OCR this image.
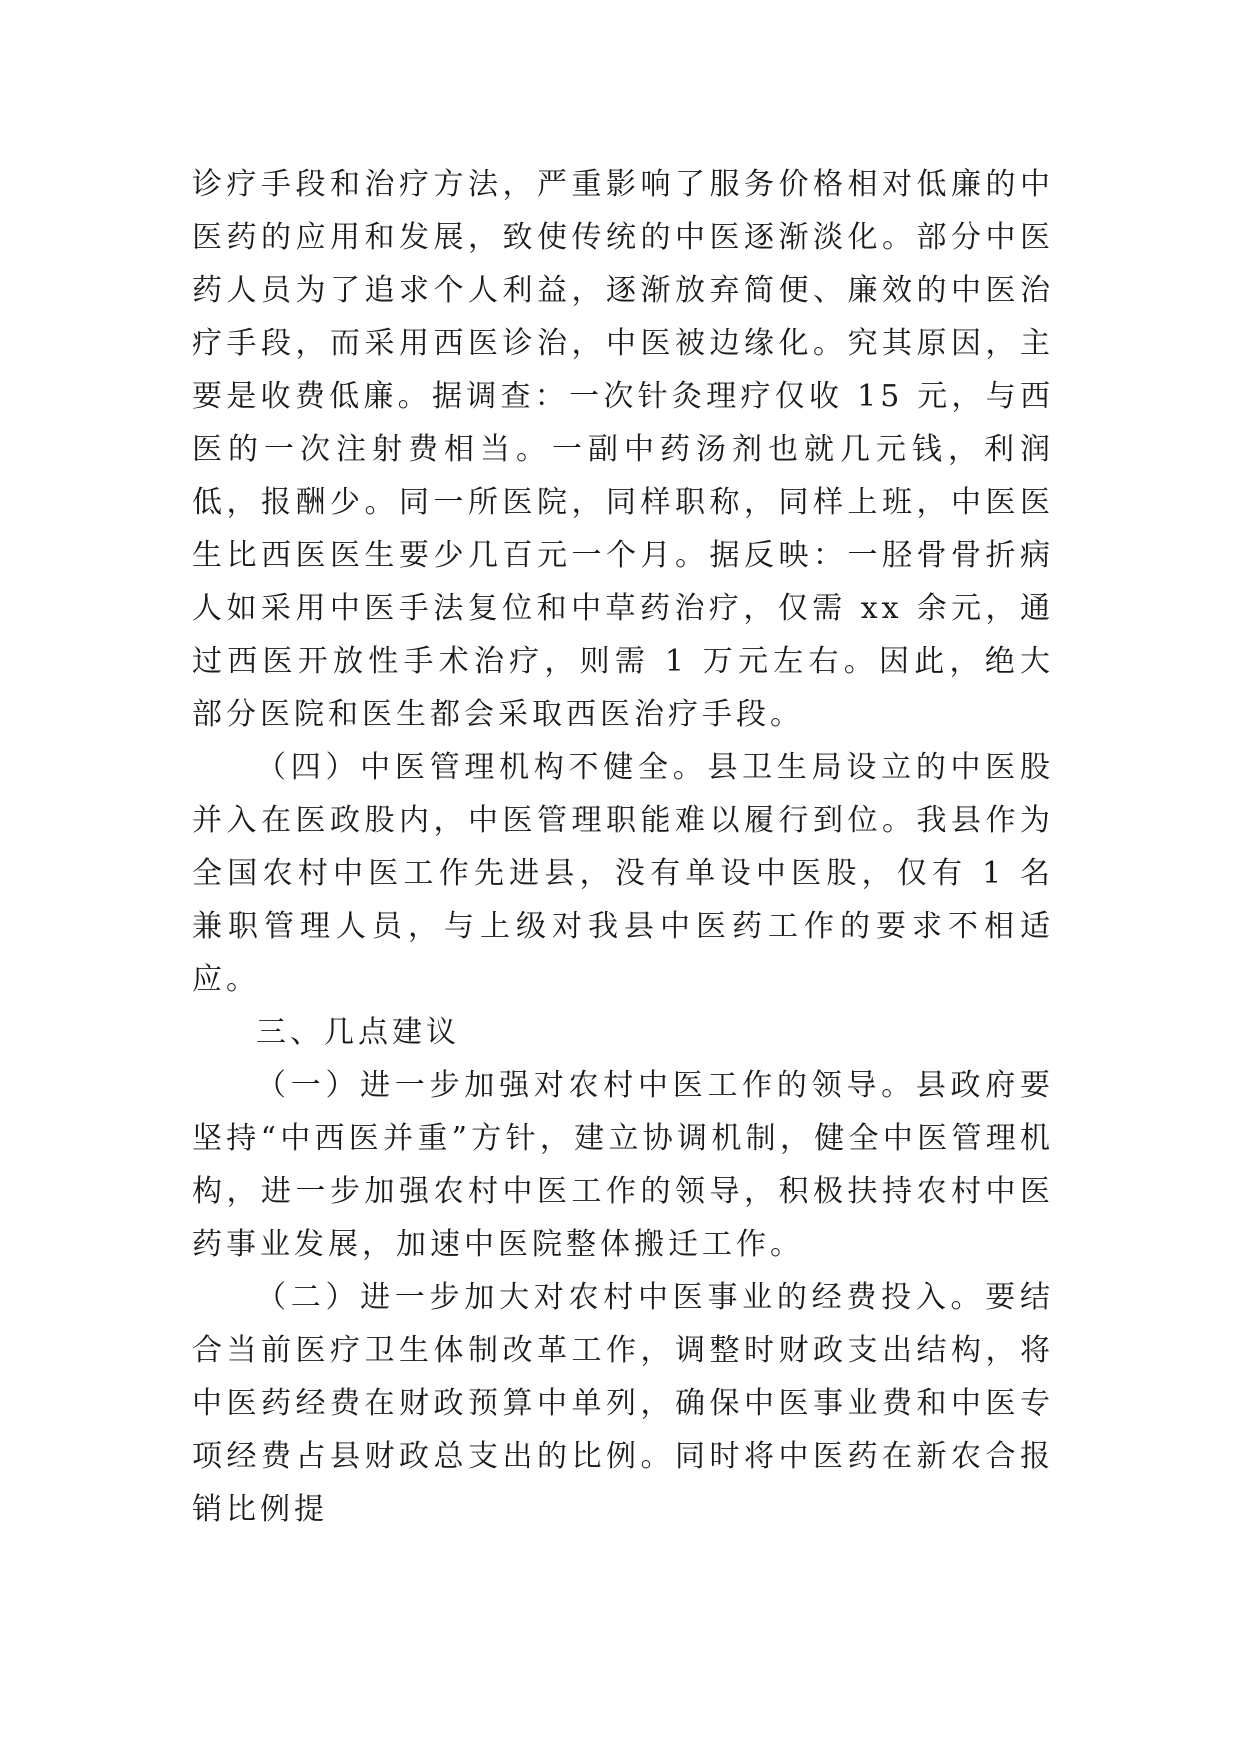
诊疗手段和治疗方法，严重影响了服务价格相对低廉的中医药的应用和发展，致使传统的中医逐渐淡化。部分中医药人员为了追求个人利益，逐渐放弃简便、廉效的中医治疗手段，而采用西医诊治，中医被边缘化。究其原因，主要是收费低廉。据调查：一次针灸理疗仅收 15 元，与西医的一次注射费相当。一副中药汤剂也就几元钱，利润低，报酬少。同一所医院，同样职称，同样上班，中医医生比西医医生要少几百元一个月。据反映：一胫骨骨折病人如采用中医手法复位和中草药治疗，仅需 xx 余元，通过西医开放性手术治疗，则需 1 万元左右。因此，绝大部分医院和医生都会采取西医治疗手段。

（四）中医管理机构不健全。县卫生局设立的中医股并入在医政股内，中医管理职能难以履行到位。我县作为全国农村中医工作先进县，没有单设中医股，仅有 1 名兼职管理人员，与上级对我县中医药工作的要求不相适应。

三、几点建议

（一）进一步加强对农村中医工作的领导。县政府要坚持“中西医并重”方针，建立协调机制，健全中医管理机构，进一步加强农村中医工作的领导，积极扶持农村中医药事业发展，加速中医院整体搬迁工作。

（二）进一步加大对农村中医事业的经费投入。要结合当前医疗卫生体制改革工作，调整时财政支出结构，将中医药经费在财政预算中单列，确保中医事业费和中医专项经费占县财政总支出的比例。同时将中医药在新农合报销比例提
